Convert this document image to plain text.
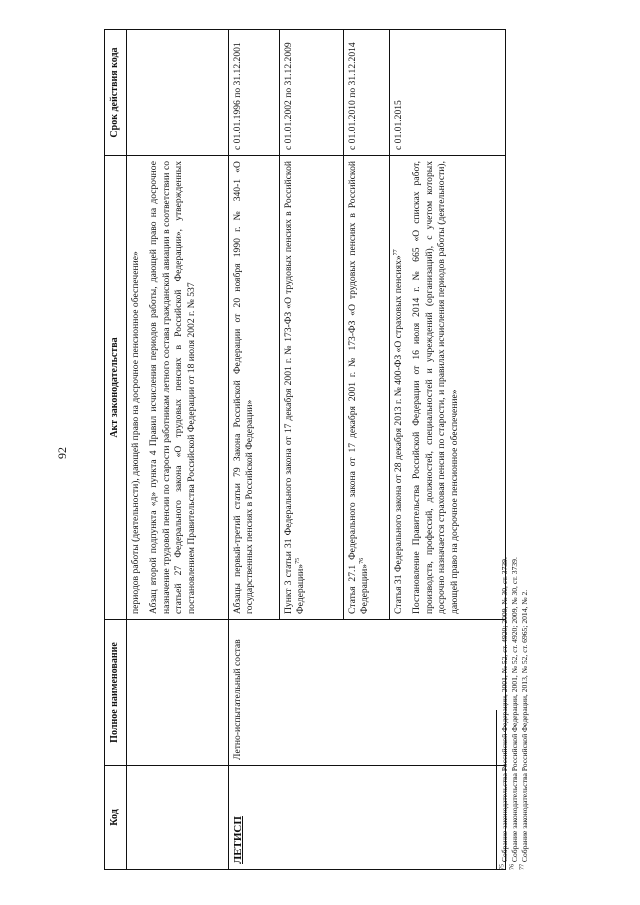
92
Код	Полное наименование	Акт законодательства	Срок действия кода

		периодов работы (деятельности), дающей право на досрочное пенсионное обеспечение» Абзац второй подпункта «д» пункта 4 Правил исчисления периодов работы, дающей право на досрочное назначение трудовой пенсии по старости работникам летного состава гражданской авиации в соответствии со статьей 27 Федерального закона «О трудовых пенсиях в Российской Федерации», утвержденных постановлением Правительства Российской Федерации от 18 июля 2002 г. № 537	

ЛЕТИСП	Летно-испытательный состав	Абзацы первый-третий статьи 79 Закона Российской Федерации от 20 ноября 1990 г. № 340-1 «О государственных пенсиях в Российской Федерации»	с 01.01.1996 по 31.12.2001

		Пункт 3 статьи 31 Федерального закона от 17 декабря 2001 г. № 173-ФЗ «О трудовых пенсиях в Российской Федерации»$^{75}$	с 01.01.2002 по 31.12.2009

		Статья 27.1 Федерального закона от 17 декабря 2001 г. № 173-ФЗ «О трудовых пенсиях в Российской Федерации»$^{76}$	с 01.01.2010 по 31.12.2014

		Статья 31 Федерального закона от 28 декабря 2013 г. № 400-ФЗ «О страховых пенсиях»$^{77}$ Постановление Правительства Российской Федерации от 16 июля 2014 г. № 665 «О списках работ, производств, профессий, должностей, специальностей и учреждений (организаций), с учетом которых досрочно назначается страховая пенсия по старости, и правилах исчисления периодов работы (деятельности), дающей право на досрочное пенсионное обеспечение»	с 01.01.2015
$^{75}$ Собрание законодательства Российской Федерации, 2001, № 52, ст. 4920; 2009, № 30, ст. 3739.
$^{76}$ Собрание законодательства Российской Федерации, 2001, № 52, ст. 4920; 2009, № 30, ст. 3739.
$^{77}$ Собрание законодательства Российской Федерации, 2013, № 52, ст. 6965; 2014, № 2.
